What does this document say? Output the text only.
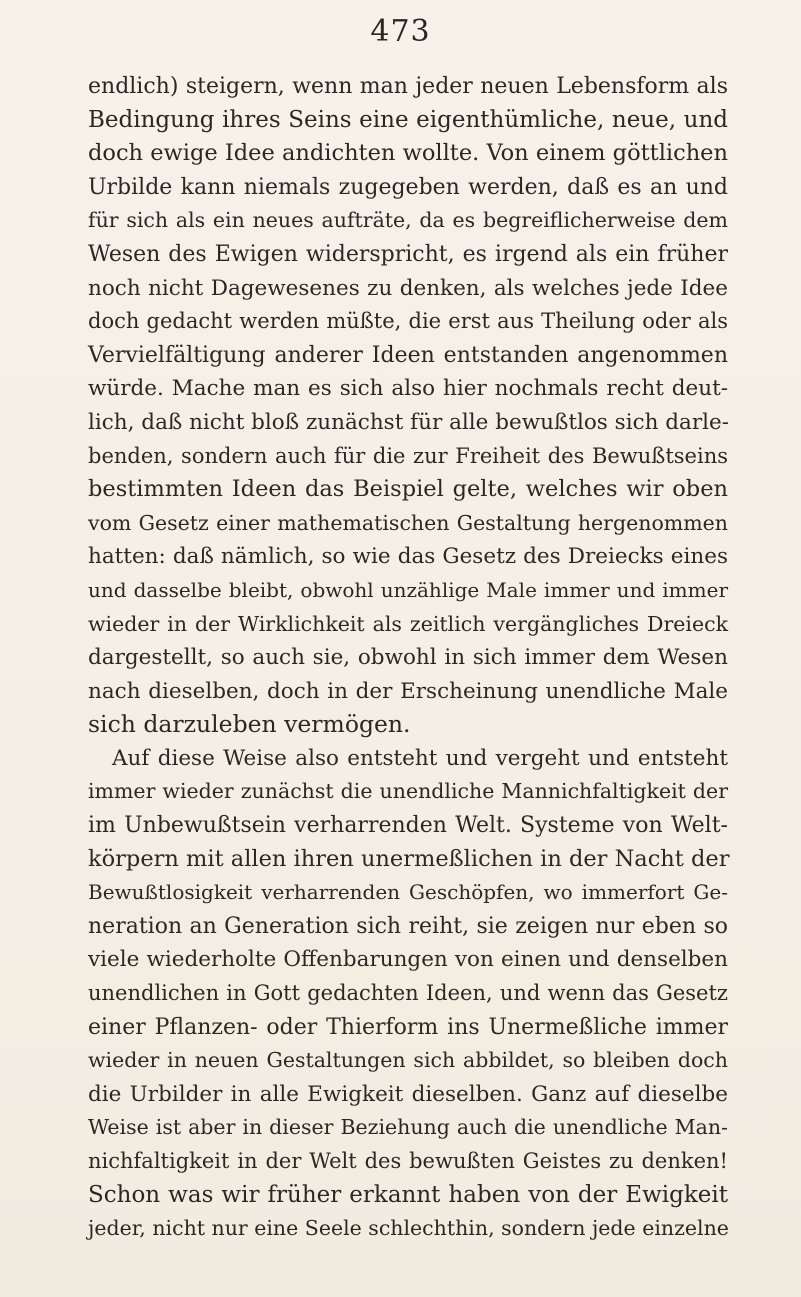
473
endlich) steigern, wenn man jeder neuen Lebensform als
Bedingung ihres Seins eine eigenthümliche, neue, und
doch ewige Idee andichten wollte. Von einem göttlichen
Urbilde kann niemals zugegeben werden, daß es an und
für sich als ein neues aufträte, da es begreiflicherweise dem
Wesen des Ewigen widerspricht, es irgend als ein früher
noch nicht Dagewesenes zu denken, als welches jede Idee
doch gedacht werden müßte, die erst aus Theilung oder als
Vervielfältigung anderer Ideen entstanden angenommen
würde. Mache man es sich also hier nochmals recht deut-
lich, daß nicht bloß zunächst für alle bewußtlos sich darle-
benden, sondern auch für die zur Freiheit des Bewußtseins
bestimmten Ideen das Beispiel gelte, welches wir oben
vom Gesetz einer mathematischen Gestaltung hergenommen
hatten: daß nämlich, so wie das Gesetz des Dreiecks eines
und dasselbe bleibt, obwohl unzählige Male immer und immer
wieder in der Wirklichkeit als zeitlich vergängliches Dreieck
dargestellt, so auch sie, obwohl in sich immer dem Wesen
nach dieselben, doch in der Erscheinung unendliche Male
sich darzuleben vermögen.
Auf diese Weise also entsteht und vergeht und entsteht
immer wieder zunächst die unendliche Mannichfaltigkeit der
im Unbewußtsein verharrenden Welt. Systeme von Welt-
körpern mit allen ihren unermeßlichen in der Nacht der
Bewußtlosigkeit verharrenden Geschöpfen, wo immerfort Ge-
neration an Generation sich reiht, sie zeigen nur eben so
viele wiederholte Offenbarungen von einen und denselben
unendlichen in Gott gedachten Ideen, und wenn das Gesetz
einer Pflanzen- oder Thierform ins Unermeßliche immer
wieder in neuen Gestaltungen sich abbildet, so bleiben doch
die Urbilder in alle Ewigkeit dieselben. Ganz auf dieselbe
Weise ist aber in dieser Beziehung auch die unendliche Man-
nichfaltigkeit in der Welt des bewußten Geistes zu denken!
Schon was wir früher erkannt haben von der Ewigkeit
jeder, nicht nur eine Seele schlechthin, sondern jede einzelne
